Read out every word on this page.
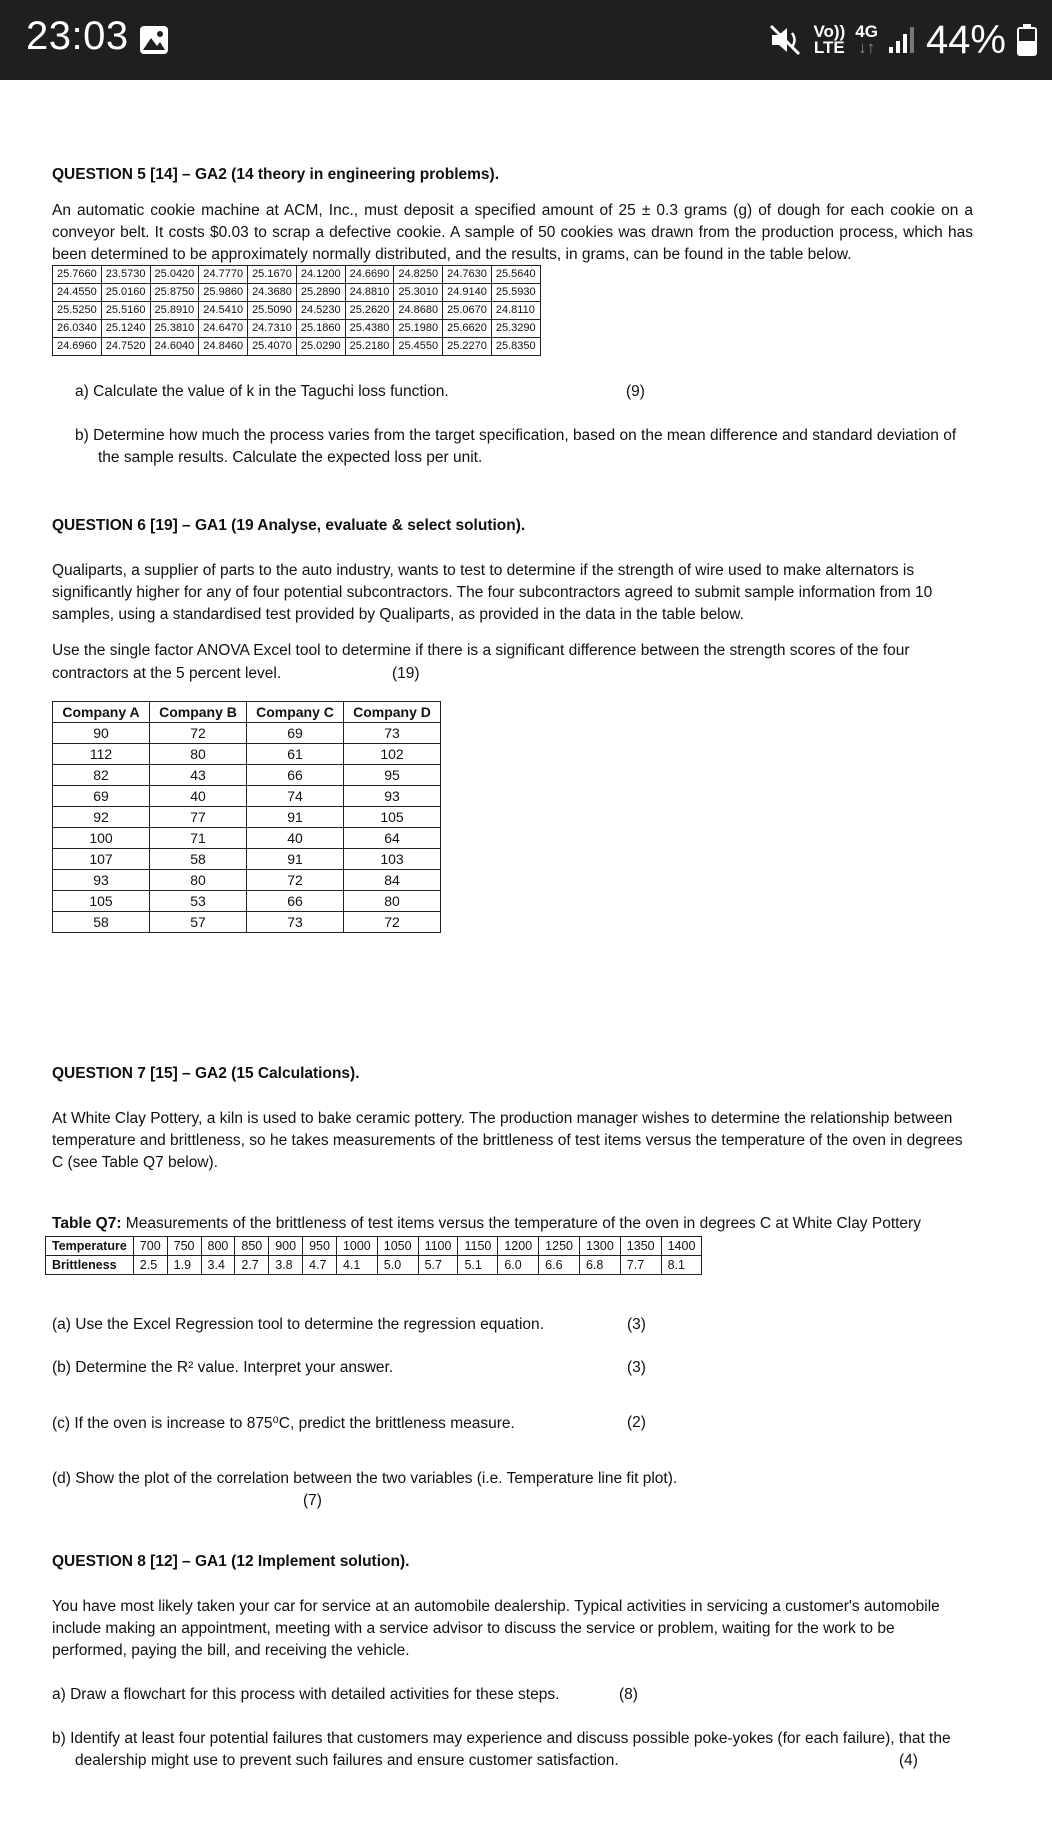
23:03	Vo))
LTE
4G
↓↑ 44%
QUESTION 5 [14] – GA2 (14 theory in engineering problems).
An automatic cookie machine at ACM, Inc., must deposit a specified amount of 25 ± 0.3 grams (g) of dough for each cookie on a conveyor belt. It costs $0.03 to scrap a defective cookie. A sample of 50 cookies was drawn from the production process, which has been determined to be approximately normally distributed, and the results, in grams, can be found in the table below.
25.7660	23.5730	25.0420	24.7770	25.1670	24.1200	24.6690	24.8250	24.7630	25.5640
24.4550	25.0160	25.8750	25.9860	24.3680	25.2890	24.8810	25.3010	24.9140	25.5930
25.5250	25.5160	25.8910	24.5410	25.5090	24.5230	25.2620	24.8680	25.0670	24.8110
26.0340	25.1240	25.3810	24.6470	24.7310	25.1860	25.4380	25.1980	25.6620	25.3290
24.6960	24.7520	24.6040	24.8460	25.4070	25.0290	25.2180	25.4550	25.2270	25.8350
a) Calculate the value of k in the Taguchi loss function.	(9)
b) Determine how much the process varies from the target specification, based on the mean difference and standard deviation of
the sample results. Calculate the expected loss per unit.
QUESTION 6 [19] – GA1 (19 Analyse, evaluate & select solution).
Qualiparts, a supplier of parts to the auto industry, wants to test to determine if the strength of wire used to make alternators is significantly higher for any of four potential subcontractors. The four subcontractors agreed to submit sample information from 10 samples, using a standardised test provided by Qualiparts, as provided in the data in the table below.
Use the single factor ANOVA Excel tool to determine if there is a significant difference between the strength scores of the four
contractors at the 5 percent level.	(19)
Company A	Company B	Company C	Company D
90	72	69	73
112	80	61	102
82	43	66	95
69	40	74	93
92	77	91	105
100	71	40	64
107	58	91	103
93	80	72	84
105	53	66	80
58	57	73	72
QUESTION 7 [15] – GA2 (15 Calculations).
At White Clay Pottery, a kiln is used to bake ceramic pottery. The production manager wishes to determine the relationship between temperature and brittleness, so he takes measurements of the brittleness of test items versus the temperature of the oven in degrees C (see Table Q7 below).
Table Q7: Measurements of the brittleness of test items versus the temperature of the oven in degrees C at White Clay Pottery
Temperature	700	750	800	850	900	950	1000	1050	1100	1150	1200	1250	1300	1350	1400
Brittleness	2.5	1.9	3.4	2.7	3.8	4.7	4.1	5.0	5.7	5.1	6.0	6.6	6.8	7.7	8.1
(a) Use the Excel Regression tool to determine the regression equation.	(3)
(b) Determine the R² value. Interpret your answer.	(3)
(c) If the oven is increase to 875⁰C, predict the brittleness measure.	(2)
(d) Show the plot of the correlation between the two variables (i.e. Temperature line fit plot).
(7)
QUESTION 8 [12] – GA1 (12 Implement solution).
You have most likely taken your car for service at an automobile dealership. Typical activities in servicing a customer's automobile include making an appointment, meeting with a service advisor to discuss the service or problem, waiting for the work to be performed, paying the bill, and receiving the vehicle.
a) Draw a flowchart for this process with detailed activities for these steps.	(8)
b) Identify at least four potential failures that customers may experience and discuss possible poke-yokes (for each failure), that the
dealership might use to prevent such failures and ensure customer satisfaction.	(4)
